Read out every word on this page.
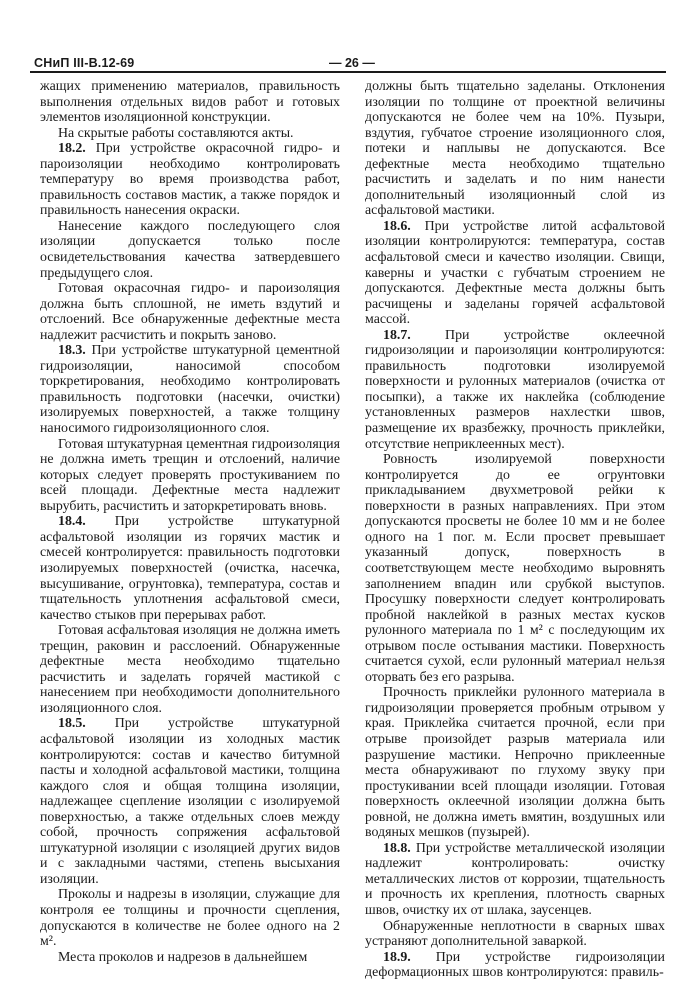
СНиП III-В.12-69	— 26 —

жащих применению материалов, правильность выполнения отдельных видов работ и готовых элементов изоляционной конструкции.

На скрытые работы составляются акты.

18.2. При устройстве окрасочной гидро- и пароизоляции необходимо контролировать температуру во время производства работ, правильность составов мастик, а также порядок и правильность нанесения окраски.

Нанесение каждого последующего слоя изоляции допускается только после освидетельствования качества затвердевшего предыдущего слоя.

Готовая окрасочная гидро- и пароизоляция должна быть сплошной, не иметь вздутий и отслоений. Все обнаруженные дефектные места надлежит расчистить и покрыть заново.

18.3. При устройстве штукатурной цементной гидроизоляции, наносимой способом торкретирования, необходимо контролировать правильность подготовки (насечки, очистки) изолируемых поверхностей, а также толщину наносимого гидроизоляционного слоя.

Готовая штукатурная цементная гидроизоляция не должна иметь трещин и отслоений, наличие которых следует проверять простукиванием по всей площади. Дефектные места надлежит вырубить, расчистить и заторкретировать вновь.

18.4. При устройстве штукатурной асфальтовой изоляции из горячих мастик и смесей контролируется: правильность подготовки изолируемых поверхностей (очистка, насечка, высушивание, огрунтовка), температура, состав и тщательность уплотнения асфальтовой смеси, качество стыков при перерывах работ.

Готовая асфальтовая изоляция не должна иметь трещин, раковин и расслоений. Обнаруженные дефектные места необходимо тщательно расчистить и заделать горячей мастикой с нанесением при необходимости дополнительного изоляционного слоя.

18.5. При устройстве штукатурной асфальтовой изоляции из холодных мастик контролируются: состав и качество битумной пасты и холодной асфальтовой мастики, толщина каждого слоя и общая толщина изоляции, надлежащее сцепление изоляции с изолируемой поверхностью, а также отдельных слоев между собой, прочность сопряжения асфальтовой штукатурной изоляции с изоляцией других видов и с закладными частями, степень высыхания изоляции.

Проколы и надрезы в изоляции, служащие для контроля ее толщины и прочности сцепления, допускаются в количестве не более одного на 2 м².

Места проколов и надрезов в дальнейшем

должны быть тщательно заделаны. Отклонения изоляции по толщине от проектной величины допускаются не более чем на 10%. Пузыри, вздутия, губчатое строение изоляционного слоя, потеки и наплывы не допускаются. Все дефектные места необходимо тщательно расчистить и заделать и по ним нанести дополнительный изоляционный слой из асфальтовой мастики.

18.6. При устройстве литой асфальтовой изоляции контролируются: температура, состав асфальтовой смеси и качество изоляции. Свищи, каверны и участки с губчатым строением не допускаются. Дефектные места должны быть расчищены и заделаны горячей асфальтовой массой.

18.7. При устройстве оклеечной гидроизоляции и пароизоляции контролируются: правильность подготовки изолируемой поверхности и рулонных материалов (очистка от посыпки), а также их наклейка (соблюдение установленных размеров нахлестки швов, размещение их вразбежку, прочность приклейки, отсутствие неприклеенных мест).

Ровность изолируемой поверхности контролируется до ее огрунтовки прикладыванием двухметровой рейки к поверхности в разных направлениях. При этом допускаются просветы не более 10 мм и не более одного на 1 пог. м. Если просвет превышает указанный допуск, поверхность в соответствующем месте необходимо выровнять заполнением впадин или срубкой выступов. Просушку поверхности следует контролировать пробной наклейкой в разных местах кусков рулонного материала по 1 м² с последующим их отрывом после остывания мастики. Поверхность считается сухой, если рулонный материал нельзя оторвать без его разрыва.

Прочность приклейки рулонного материала в гидроизоляции проверяется пробным отрывом у края. Приклейка считается прочной, если при отрыве произойдет разрыв материала или разрушение мастики. Непрочно приклеенные места обнаруживают по глухому звуку при простукивании всей площади изоляции. Готовая поверхность оклеечной изоляции должна быть ровной, не должна иметь вмятин, воздушных или водяных мешков (пузырей).

18.8. При устройстве металлической изоляции надлежит контролировать: очистку металлических листов от коррозии, тщательность и прочность их крепления, плотность сварных швов, очистку их от шлака, заусенцев.

Обнаруженные неплотности в сварных швах устраняют дополнительной заваркой.

18.9. При устройстве гидроизоляции деформационных швов контролируются: правиль-
